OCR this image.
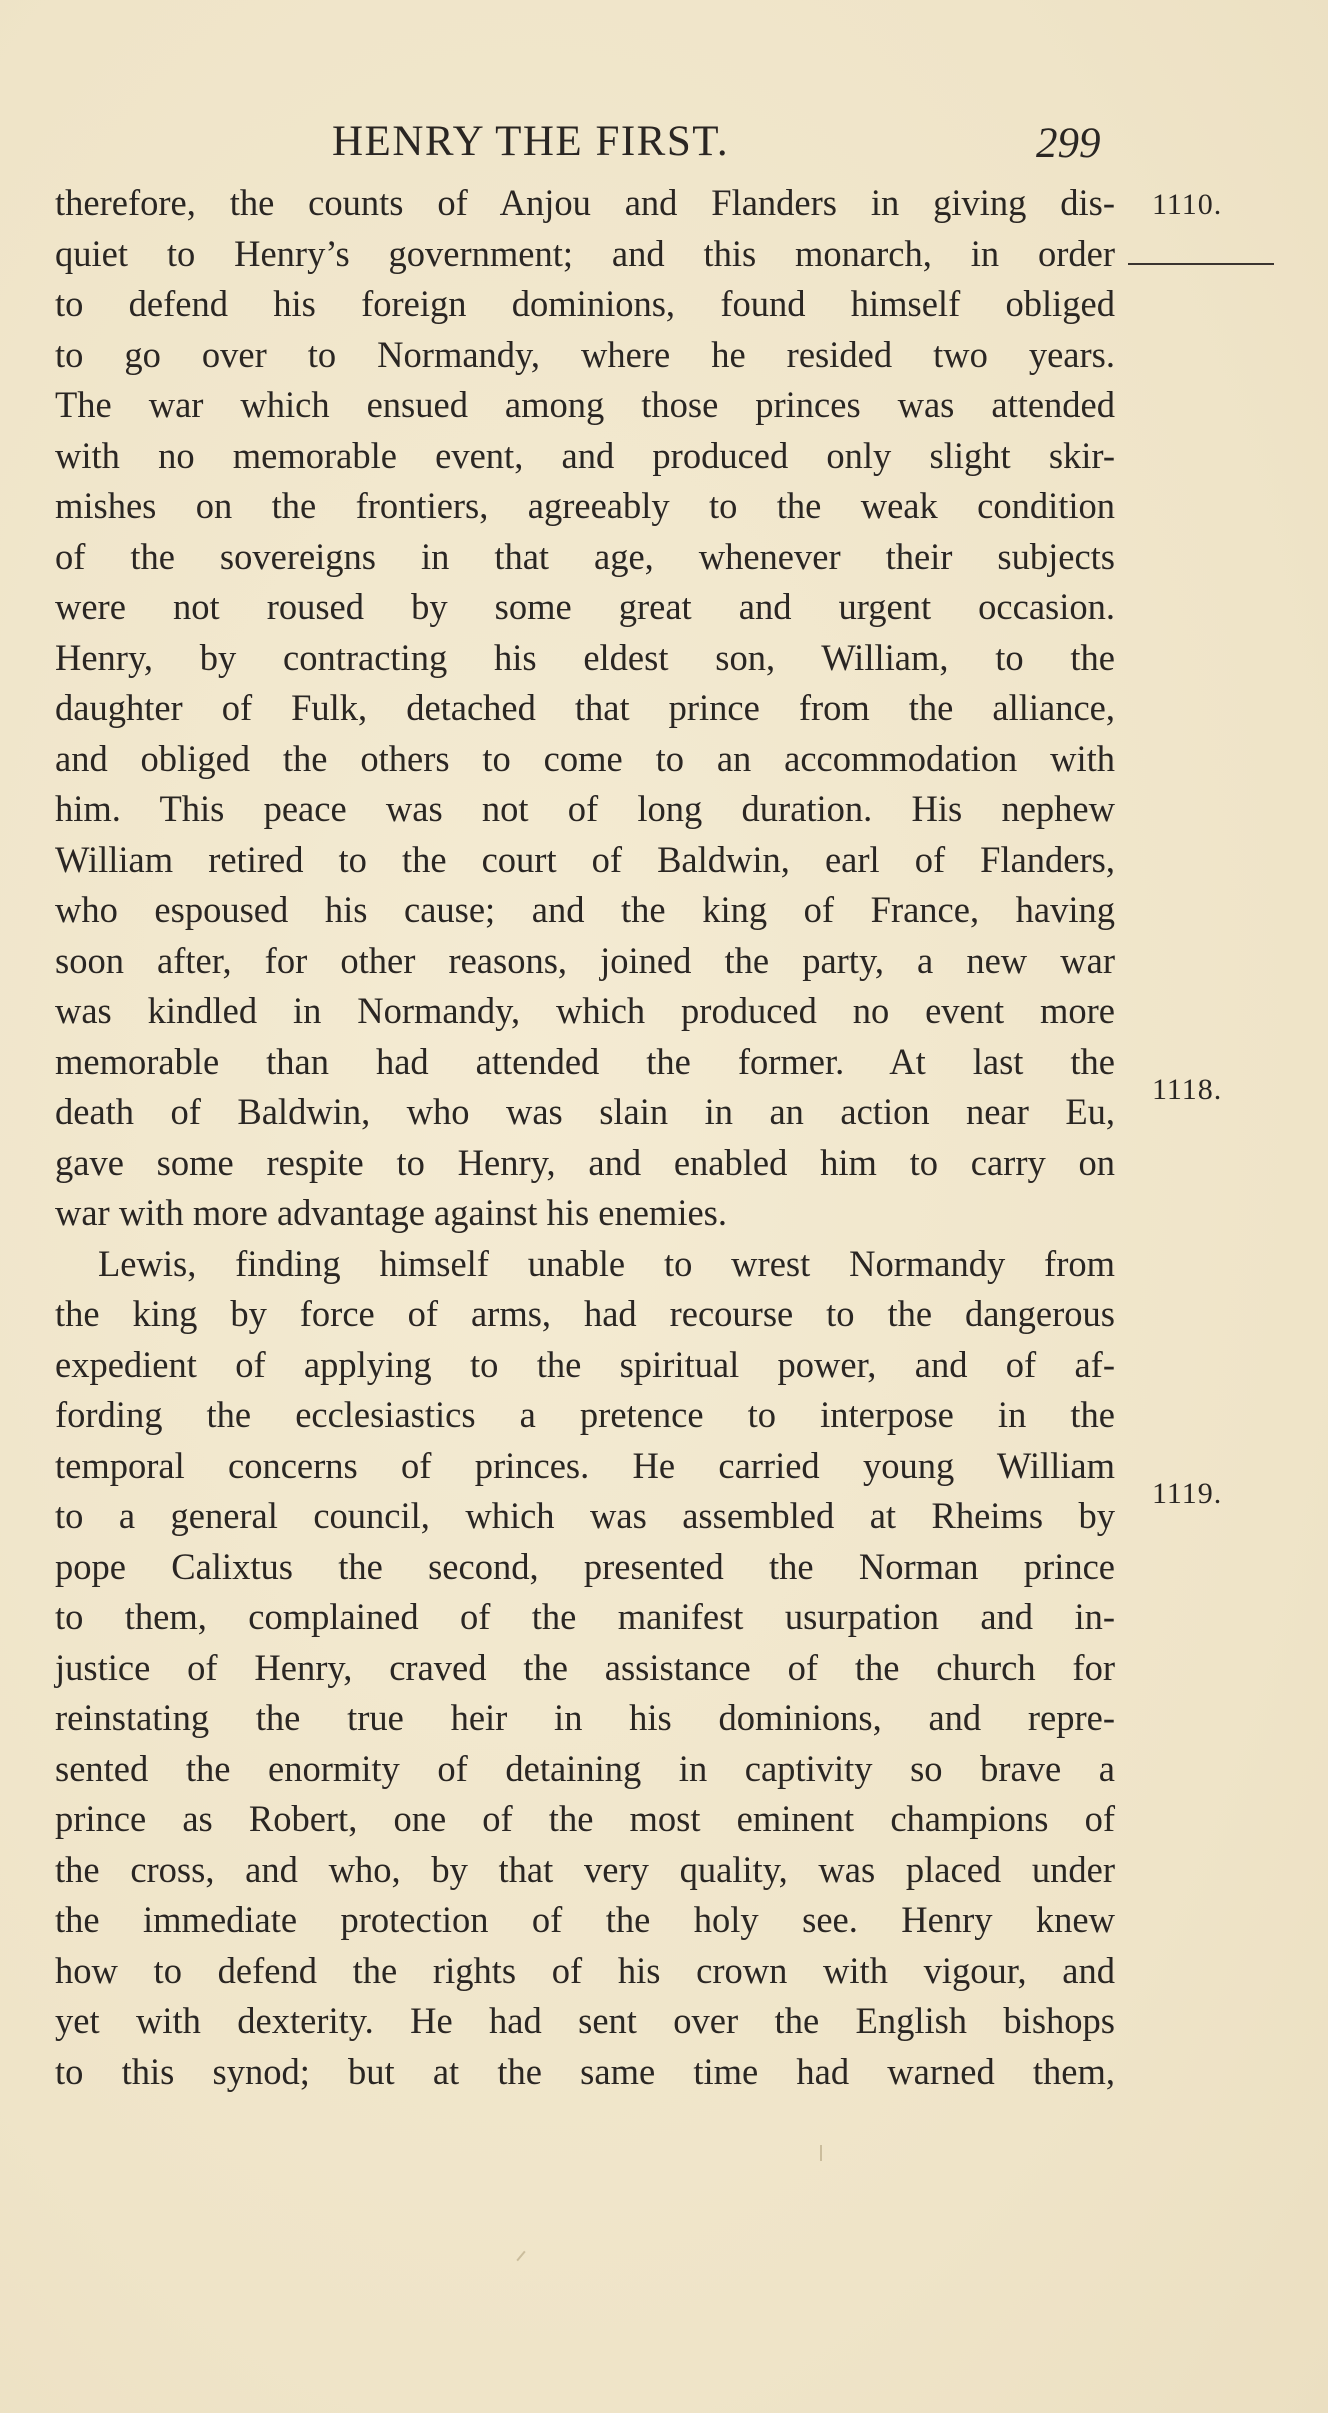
HENRY THE FIRST.	299
1110.
1118.
1119.
therefore, the counts of Anjou and Flanders in giving dis-
quiet to Henry’s government; and this monarch, in order
to defend his foreign dominions, found himself obliged
to go over to Normandy, where he resided two years.
The war which ensued among those princes was attended
with no memorable event, and produced only slight skir-
mishes on the frontiers, agreeably to the weak condition
of the sovereigns in that age, whenever their subjects
were not roused by some great and urgent occasion.
Henry, by contracting his eldest son, William, to the
daughter of Fulk, detached that prince from the alliance,
and obliged the others to come to an accommodation with
him. This peace was not of long duration. His nephew
William retired to the court of Baldwin, earl of Flanders,
who espoused his cause; and the king of France, having
soon after, for other reasons, joined the party, a new war
was kindled in Normandy, which produced no event more
memorable than had attended the former. At last the
death of Baldwin, who was slain in an action near Eu,
gave some respite to Henry, and enabled him to carry on
war with more advantage against his enemies.
Lewis, finding himself unable to wrest Normandy from
the king by force of arms, had recourse to the dangerous
expedient of applying to the spiritual power, and of af-
fording the ecclesiastics a pretence to interpose in the
temporal concerns of princes. He carried young William
to a general council, which was assembled at Rheims by
pope Calixtus the second, presented the Norman prince
to them, complained of the manifest usurpation and in-
justice of Henry, craved the assistance of the church for
reinstating the true heir in his dominions, and repre-
sented the enormity of detaining in captivity so brave a
prince as Robert, one of the most eminent champions of
the cross, and who, by that very quality, was placed under
the immediate protection of the holy see. Henry knew
how to defend the rights of his crown with vigour, and
yet with dexterity. He had sent over the English bishops
to this synod; but at the same time had warned them,
